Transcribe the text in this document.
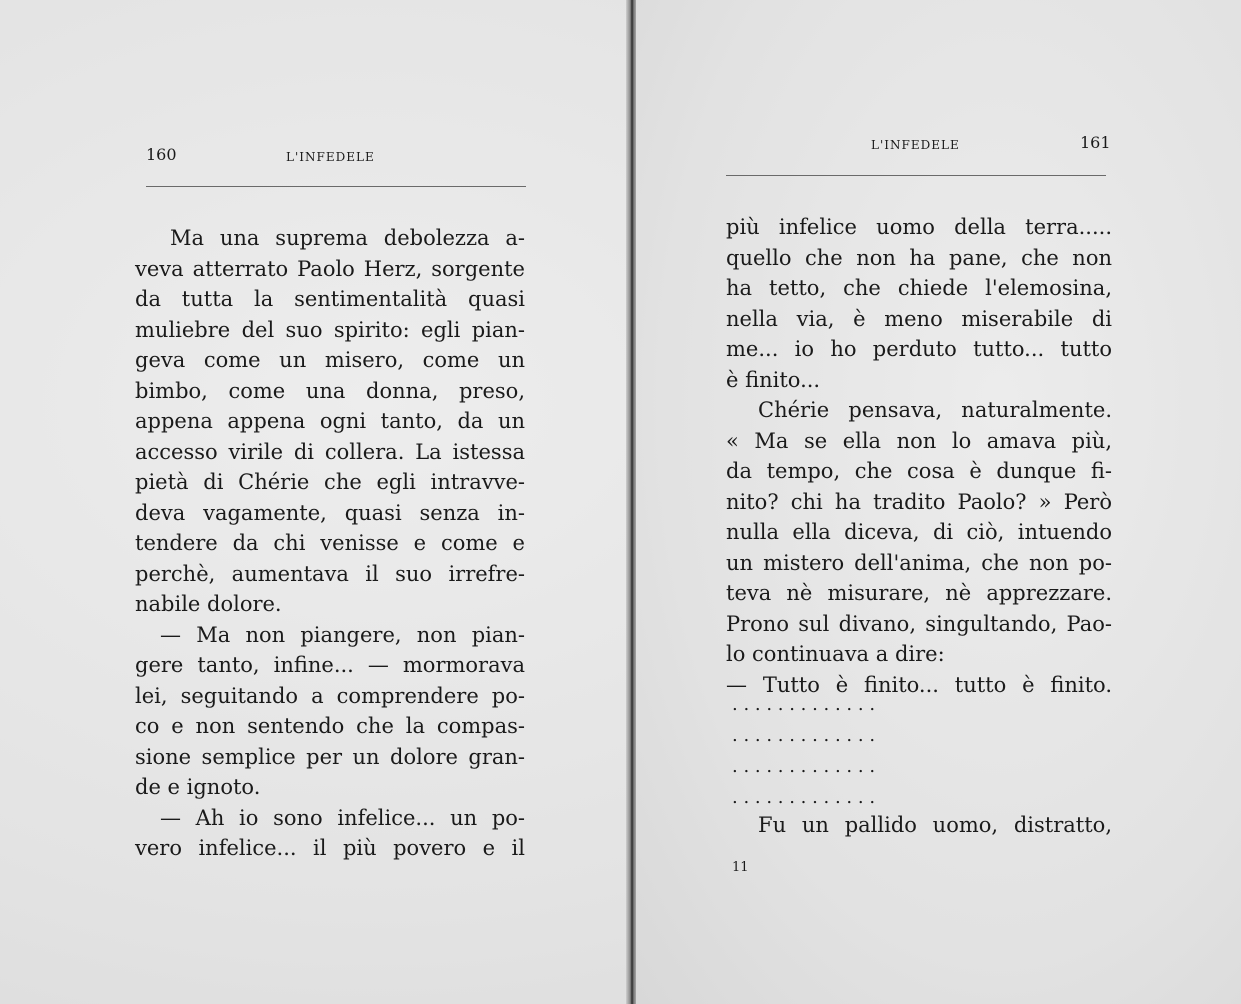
160	L'INFEDELE
Ma una suprema debolezza a-
veva atterrato Paolo Herz, sorgente
da tutta la sentimentalità quasi
muliebre del suo spirito: egli pian-
geva come un misero, come un
bimbo, come una donna, preso,
appena appena ogni tanto, da un
accesso virile di collera. La istessa
pietà di Chérie che egli intravve-
deva vagamente, quasi senza in-
tendere da chi venisse e come e
perchè, aumentava il suo irrefre-
nabile dolore.
— Ma non piangere, non pian-
gere tanto, infine... — mormorava
lei, seguitando a comprendere po-
co e non sentendo che la compas-
sione semplice per un dolore gran-
de e ignoto.
— Ah io sono infelice... un po-
vero infelice... il più povero e il
L'INFEDELE	161
più infelice uomo della terra.....
quello che non ha pane, che non
ha tetto, che chiede l'elemosina,
nella via, è meno miserabile di
me... io ho perduto tutto... tutto
è finito...
Chérie pensava, naturalmente.
« Ma se ella non lo amava più,
da tempo, che cosa è dunque fi-
nito? chi ha tradito Paolo? » Però
nulla ella diceva, di ciò, intuendo
un mistero dell'anima, che non po-
teva nè misurare, nè apprezzare.
Prono sul divano, singultando, Pao-
lo continuava a dire:
— Tutto è finito... tutto è finito.
. . . . . . . . . . . . .
. . . . . . . . . . . . .
. . . . . . . . . . . . .
. . . . . . . . . . . . .
Fu un pallido uomo, distratto,
11
